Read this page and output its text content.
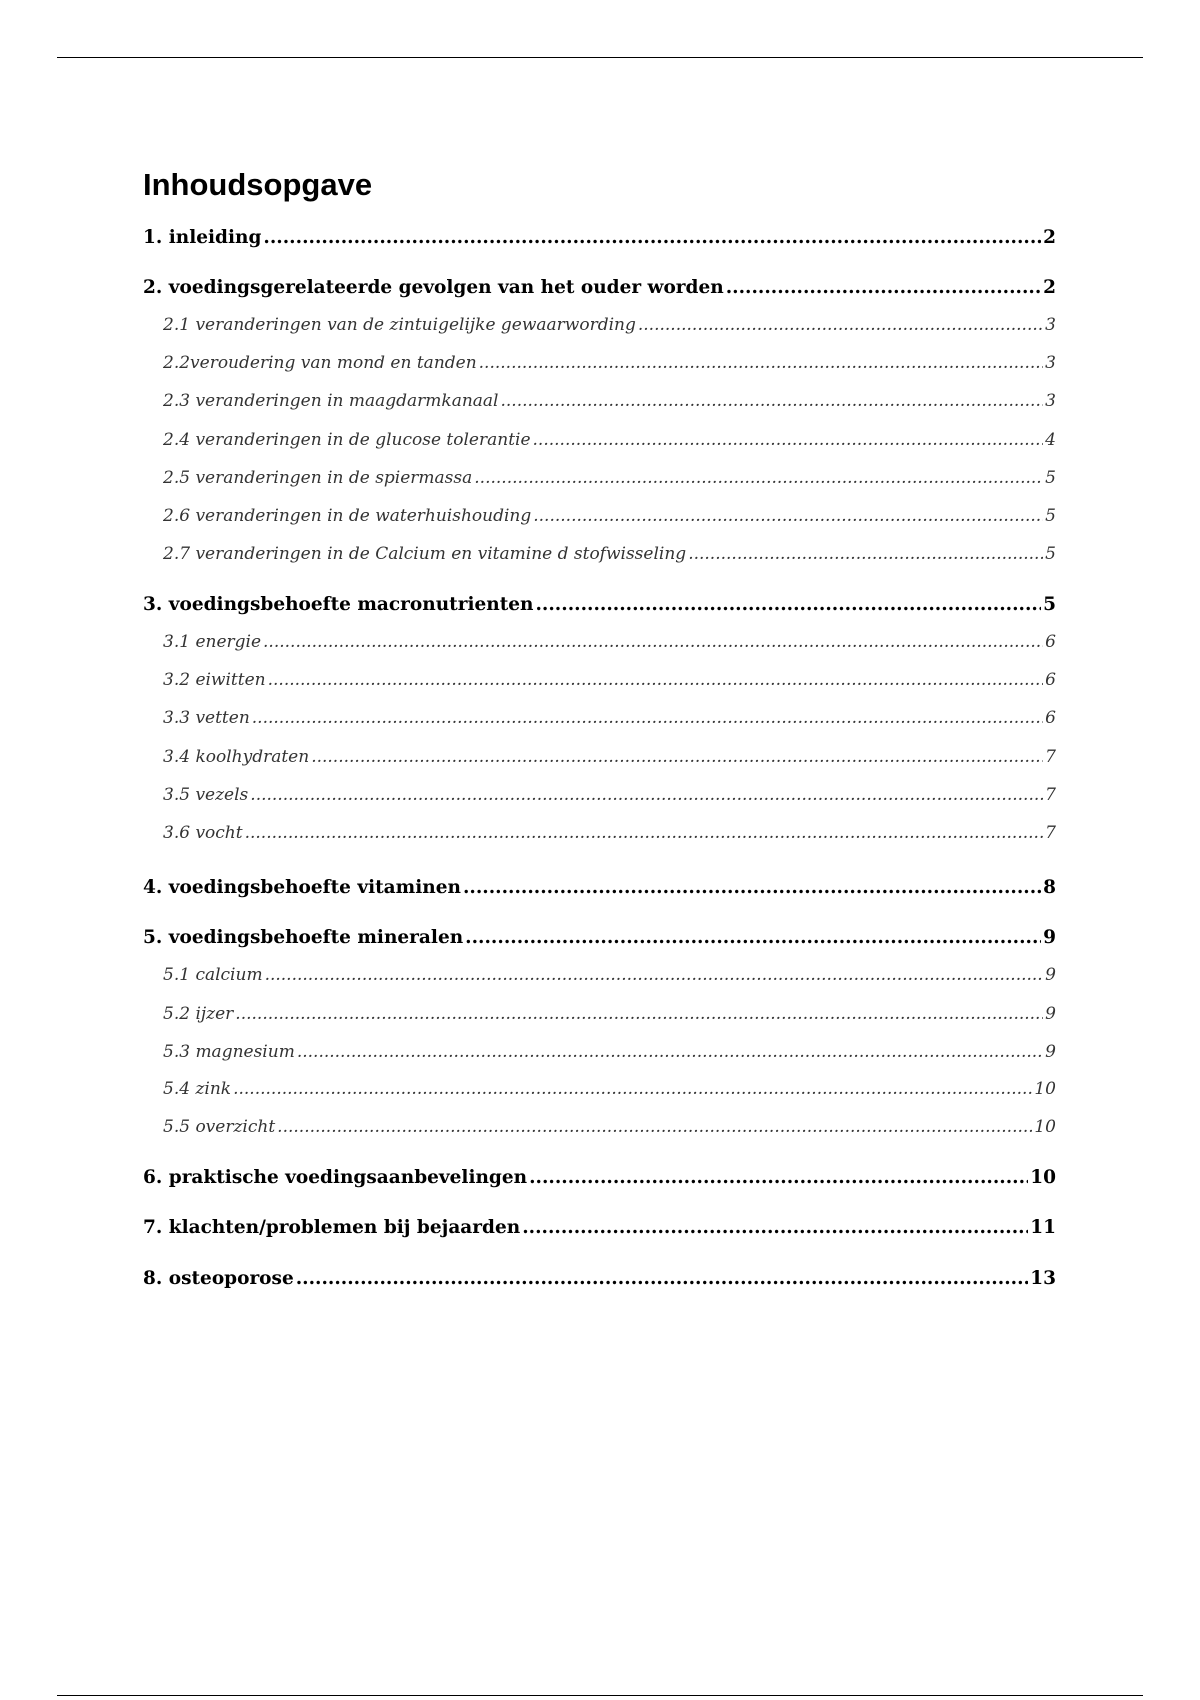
Inhoudsopgave
1. inleiding .....	2
2. voedingsgerelateerde gevolgen van het ouder worden .....	2
2.1 veranderingen van de zintuigelijke gewaarwording .....	3
2.2veroudering van mond en tanden .....	3
2.3 veranderingen in maagdarmkanaal .....	3
2.4 veranderingen in de glucose tolerantie .....	4
2.5 veranderingen in de spiermassa .....	5
2.6 veranderingen in de waterhuishouding .....	5
2.7 veranderingen in de Calcium en vitamine d stofwisseling .....	5
3. voedingsbehoefte macronutrienten .....	5
3.1 energie .....	6
3.2 eiwitten .....	6
3.3 vetten .....	6
3.4 koolhydraten .....	7
3.5 vezels .....	7
3.6 vocht .....	7
4. voedingsbehoefte vitaminen .....	8
5. voedingsbehoefte mineralen .....	9
5.1 calcium .....	9
5.2 ijzer .....	9
5.3 magnesium .....	9
5.4 zink .....	10
5.5 overzicht .....	10
6. praktische voedingsaanbevelingen .....	10
7. klachten/problemen bij bejaarden .....	11
8. osteoporose .....	13
